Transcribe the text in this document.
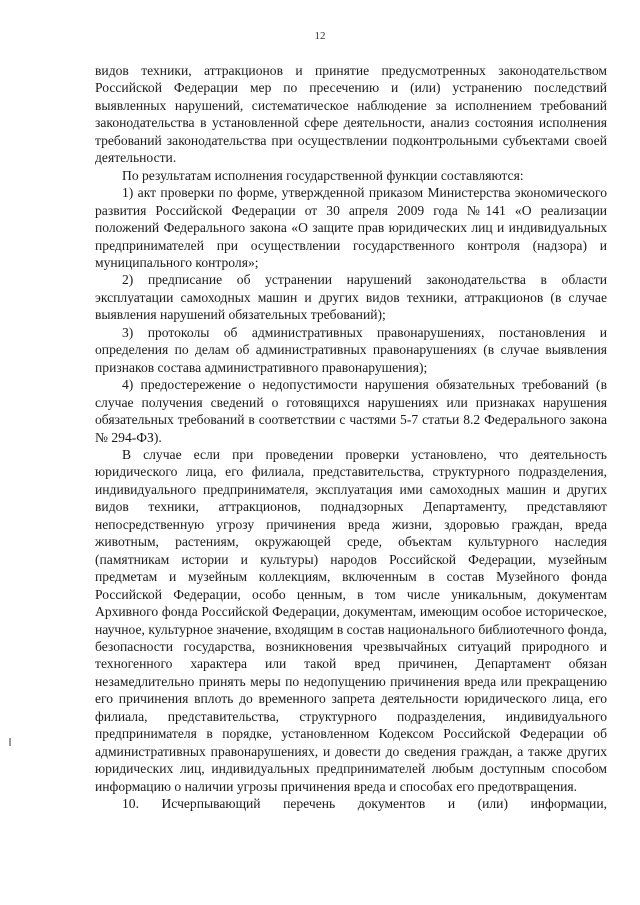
12

видов техники, аттракционов и принятие предусмотренных законодательством Российской Федерации мер по пресечению и (или) устранению последствий выявленных нарушений, систематическое наблюдение за исполнением требований законодательства в установленной сфере деятельности, анализ состояния исполнения требований законодательства при осуществлении подконтрольными субъектами своей деятельности.

По результатам исполнения государственной функции составляются:

1) акт проверки по форме, утвержденной приказом Министерства экономического развития Российской Федерации от 30 апреля 2009 года №141 «О реализации положений Федерального закона «О защите прав юридических лиц и индивидуальных предпринимателей при осуществлении государственного контроля (надзора) и муниципального контроля»;

2) предписание об устранении нарушений законодательства в области эксплуатации самоходных машин и других видов техники, аттракционов (в случае выявления нарушений обязательных требований);

3) протоколы об административных правонарушениях, постановления и определения по делам об административных правонарушениях (в случае выявления признаков состава административного правонарушения);

4) предостережение о недопустимости нарушения обязательных требований (в случае получения сведений о готовящихся нарушениях или признаках нарушения обязательных требований в соответствии с частями 5-7 статьи 8.2 Федерального закона № 294-ФЗ).

В случае если при проведении проверки установлено, что деятельность юридического лица, его филиала, представительства, структурного подразделения, индивидуального предпринимателя, эксплуатация ими самоходных машин и других видов техники, аттракционов, поднадзорных Департаменту, представляют непосредственную угрозу причинения вреда жизни, здоровью граждан, вреда животным, растениям, окружающей среде, объектам культурного наследия (памятникам истории и культуры) народов Российской Федерации, музейным предметам и музейным коллекциям, включенным в состав Музейного фонда Российской Федерации, особо ценным, в том числе уникальным, документам Архивного фонда Российской Федерации, документам, имеющим особое историческое, научное, культурное значение, входящим в состав национального библиотечного фонда, безопасности государства, возникновения чрезвычайных ситуаций природного и техногенного характера или такой вред причинен, Департамент обязан незамедлительно принять меры по недопущению причинения вреда или прекращению его причинения вплоть до временного запрета деятельности юридического лица, его филиала, представительства, структурного подразделения, индивидуального предпринимателя в порядке, установленном Кодексом Российской Федерации об административных правонарушениях, и довести до сведения граждан, а также других юридических лиц, индивидуальных предпринимателей любым доступным способом информацию о наличии угрозы причинения вреда и способах его предотвращения.

10. Исчерпывающий перечень документов и (или) информации,
